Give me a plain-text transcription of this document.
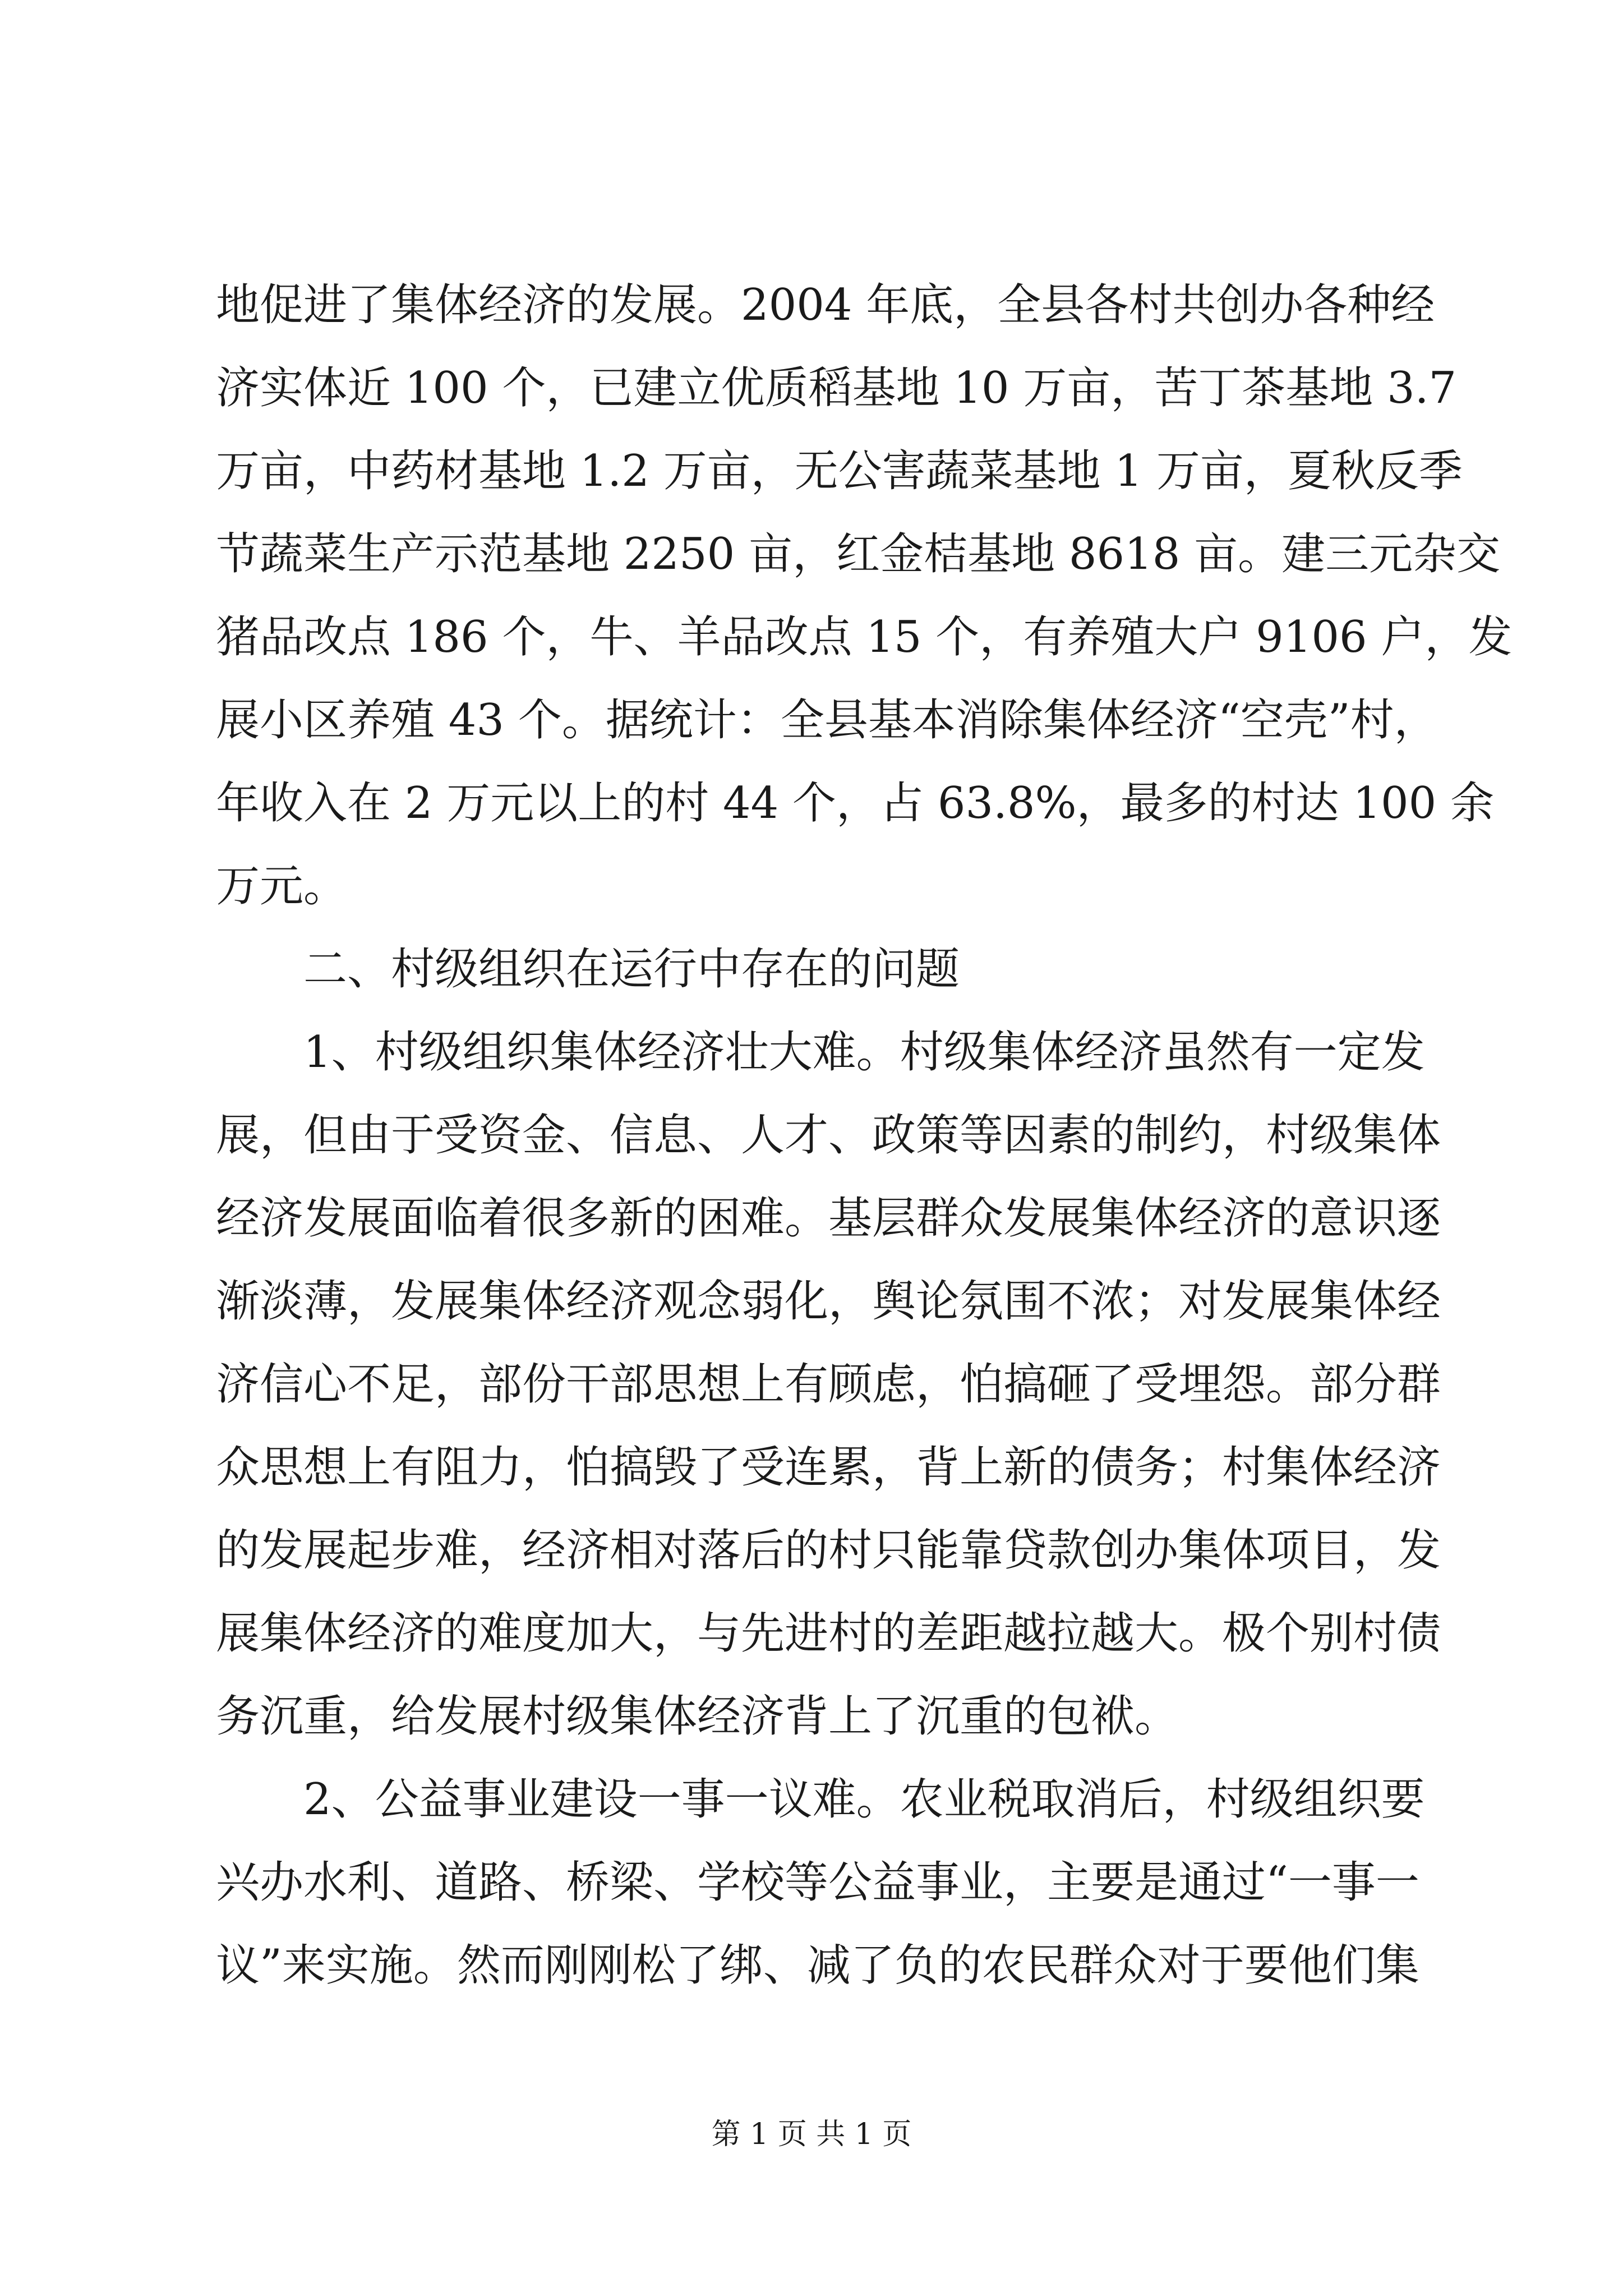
地促进了集体经济的发展。2004 年底，全县各村共创办各种经
济实体近 100 个，已建立优质稻基地 10 万亩，苦丁茶基地 3.7
万亩，中药材基地 1.2 万亩，无公害蔬菜基地 1 万亩，夏秋反季
节蔬菜生产示范基地 2250 亩，红金桔基地 8618 亩。建三元杂交
猪品改点 186 个，牛、羊品改点 15 个，有养殖大户 9106 户，发
展小区养殖 43 个。据统计：全县基本消除集体经济“空壳”村，
年收入在 2 万元以上的村 44 个，占 63.8%，最多的村达 100 余
万元。
二、村级组织在运行中存在的问题
1、村级组织集体经济壮大难。村级集体经济虽然有一定发
展，但由于受资金、信息、人才、政策等因素的制约，村级集体
经济发展面临着很多新的困难。基层群众发展集体经济的意识逐
渐淡薄，发展集体经济观念弱化，舆论氛围不浓；对发展集体经
济信心不足，部份干部思想上有顾虑，怕搞砸了受埋怨。部分群
众思想上有阻力，怕搞毁了受连累，背上新的债务；村集体经济
的发展起步难，经济相对落后的村只能靠贷款创办集体项目，发
展集体经济的难度加大，与先进村的差距越拉越大。极个别村债
务沉重，给发展村级集体经济背上了沉重的包袱。
2、公益事业建设一事一议难。农业税取消后，村级组织要
兴办水利、道路、桥梁、学校等公益事业，主要是通过“一事一
议”来实施。然而刚刚松了绑、减了负的农民群众对于要他们集
第 1 页 共 1 页
